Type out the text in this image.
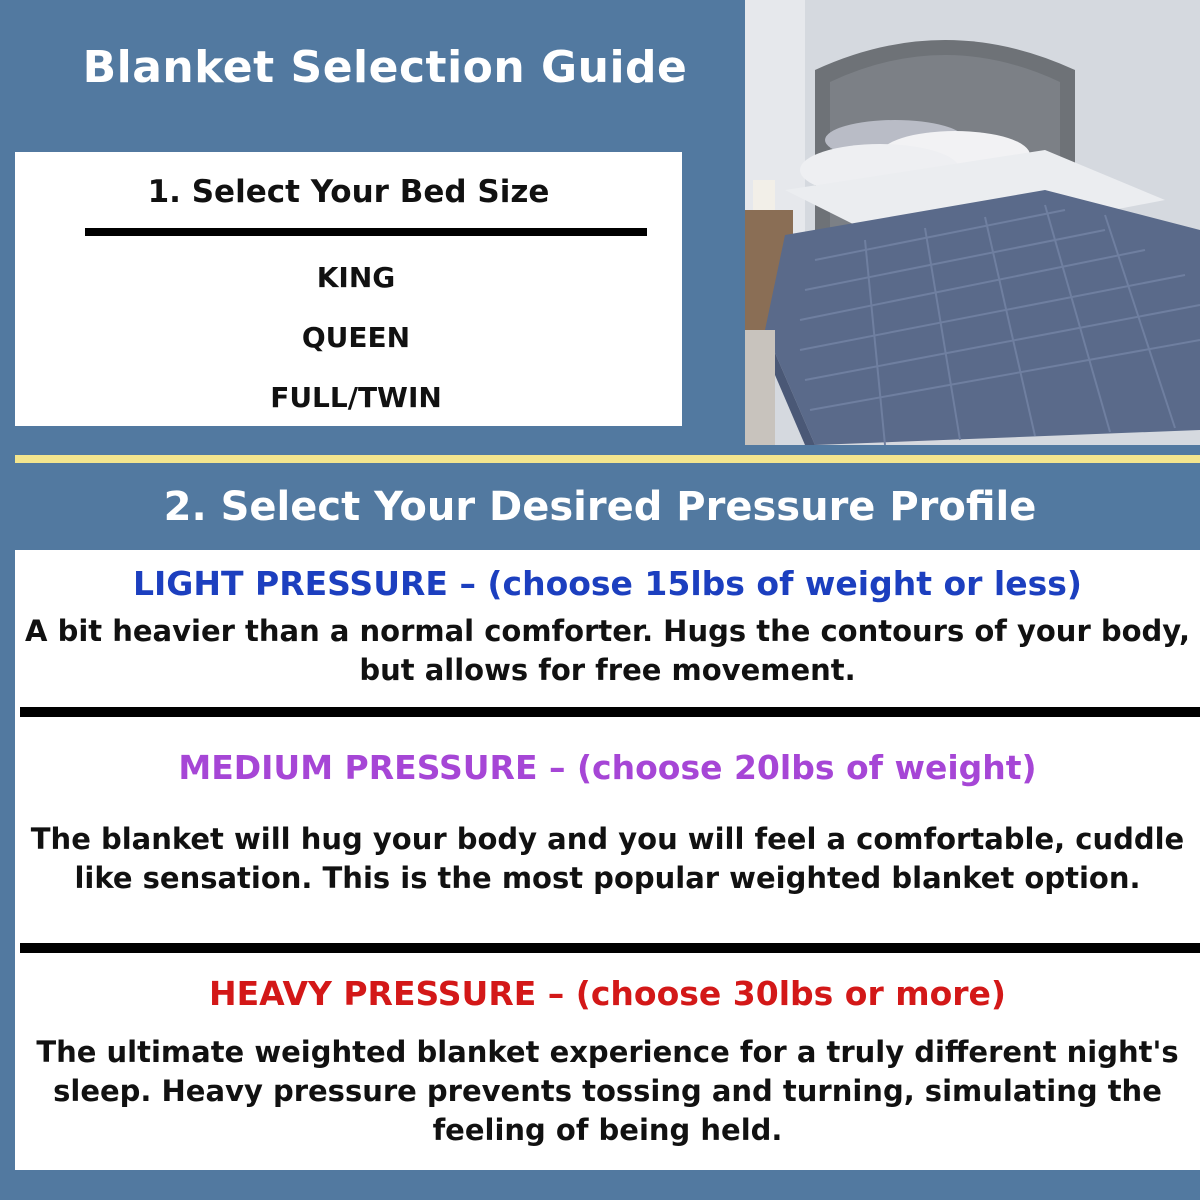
Blanket Selection Guide
1. Select Your Bed Size
KING
QUEEN
FULL/TWIN
2. Select Your Desired Pressure Profile
LIGHT PRESSURE – (choose 15lbs of weight or less)
A bit heavier than a normal comforter. Hugs the contours of your body,
but allows for free movement.
MEDIUM PRESSURE – (choose 20lbs of weight)
The blanket will hug your body and you will feel a comfortable, cuddle
like sensation. This is the most popular weighted blanket option.
HEAVY PRESSURE – (choose 30lbs or more)
The ultimate weighted blanket experience for a truly different night's
sleep. Heavy pressure prevents tossing and turning, simulating the
feeling of being held.
